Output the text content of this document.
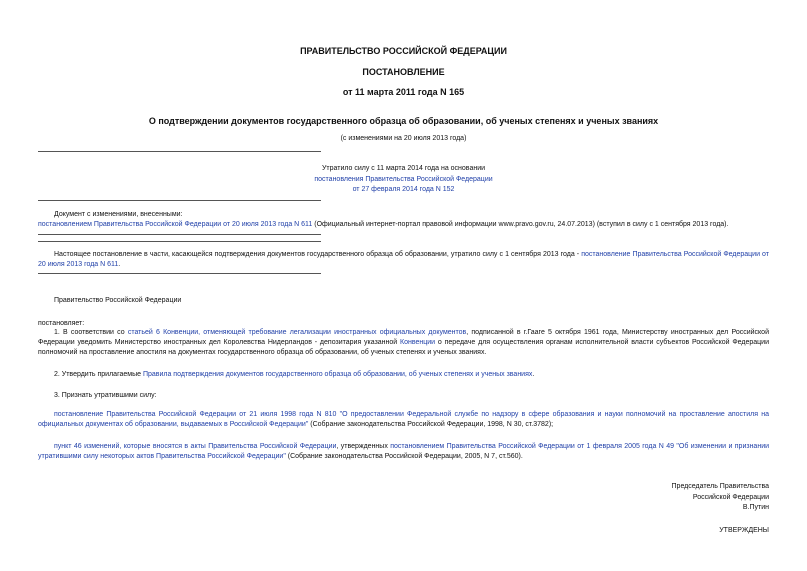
ПРАВИТЕЛЬСТВО РОССИЙСКОЙ ФЕДЕРАЦИИ
ПОСТАНОВЛЕНИЕ
от 11 марта 2011 года N 165
О подтверждении документов государственного образца об образовании, об ученых степенях и ученых званиях
(с изменениями на 20 июля 2013 года)
Утратило силу с 11 марта 2014 года на основании
постановления Правительства Российской Федерации
от 27 февраля 2014 года N 152
Документ с изменениями, внесенными:
постановлением Правительства Российской Федерации от 20 июля 2013 года N 611 (Официальный интернет-портал правовой информации www.pravo.gov.ru, 24.07.2013) (вступил в силу с 1 сентября 2013 года).
Настоящее постановление в части, касающейся подтверждения документов государственного образца об образовании, утратило силу с 1 сентября 2013 года - постановление Правительства Российской Федерации от 20 июля 2013 года N 611.
Правительство Российской Федерации
постановляет:
1. В соответствии со статьей 6 Конвенции, отменяющей требование легализации иностранных официальных документов, подписанной в г.Гааге 5 октября 1961 года, Министерству иностранных дел Российской Федерации уведомить Министерство иностранных дел Королевства Нидерландов - депозитария указанной Конвенции о передаче для осуществления органам исполнительной власти субъектов Российской Федерации полномочий на проставление апостиля на документах государственного образца об образовании, об ученых степенях и ученых званиях.
2. Утвердить прилагаемые Правила подтверждения документов государственного образца об образовании, об ученых степенях и ученых званиях.
3. Признать утратившими силу:
постановление Правительства Российской Федерации от 21 июля 1998 года N 810 "О предоставлении Федеральной службе по надзору в сфере образования и науки полномочий на проставление апостиля на официальных документах об образовании, выдаваемых в Российской Федерации" (Собрание законодательства Российской Федерации, 1998, N 30, ст.3782);
пункт 46 изменений, которые вносятся в акты Правительства Российской Федерации, утвержденных постановлением Правительства Российской Федерации от 1 февраля 2005 года N 49 "Об изменении и признании утратившими силу некоторых актов Правительства Российской Федерации" (Собрание законодательства Российской Федерации, 2005, N 7, ст.560).
Председатель Правительства
Российской Федерации
В.Путин
УТВЕРЖДЕНЫ
